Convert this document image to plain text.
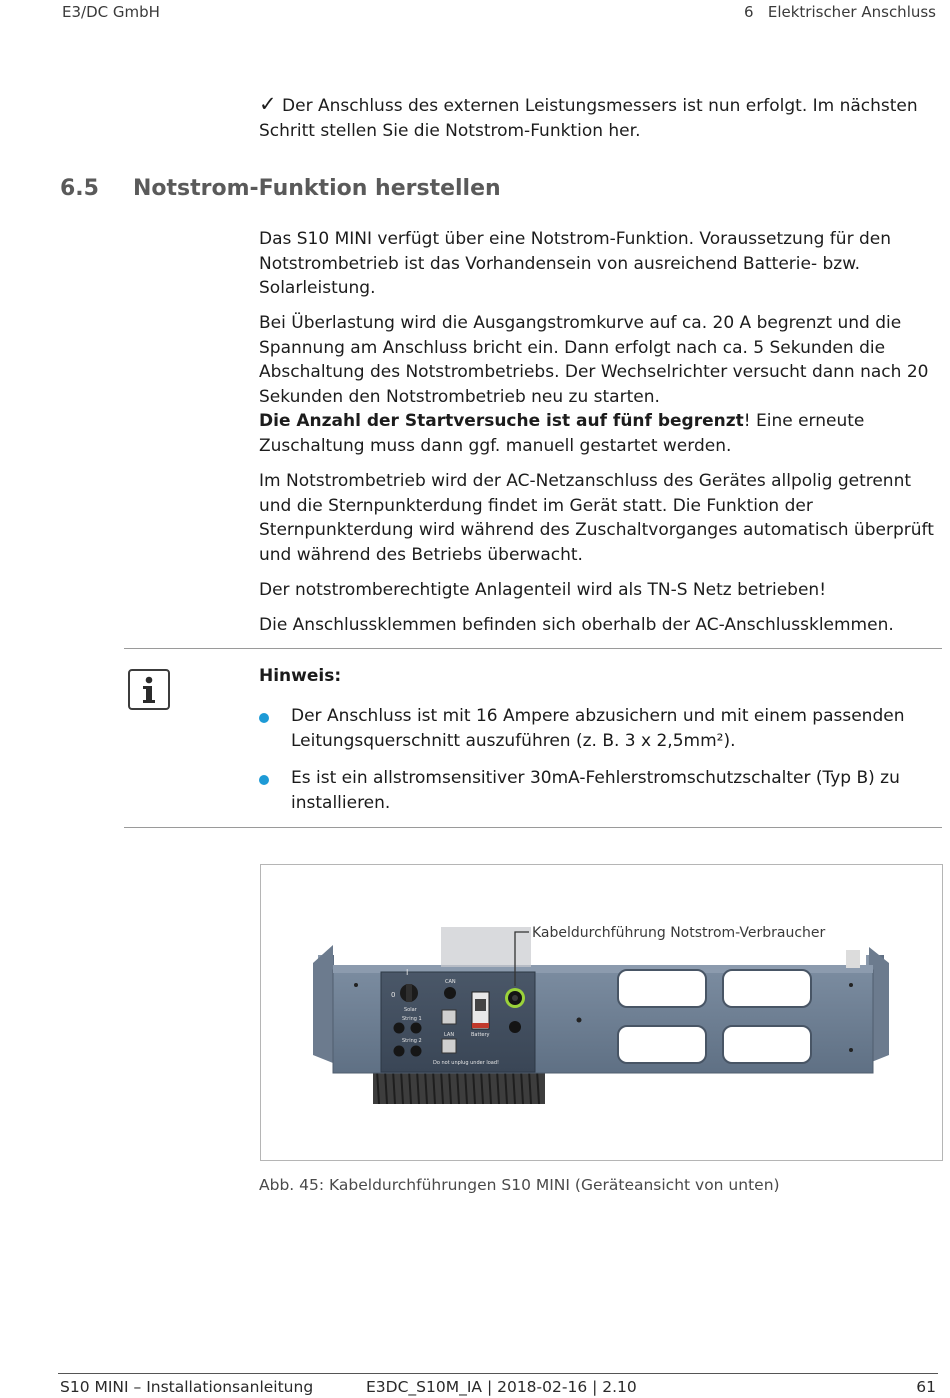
E3/DC GmbH	6   Elektrischer Anschluss

✓ Der Anschluss des externen Leistungsmessers ist nun erfolgt. Im nächsten Schritt stellen Sie die Notstrom-Funktion her.

6.5 Notstrom-Funktion herstellen
Das S10 MINI verfügt über eine Notstrom-Funktion. Voraussetzung für den Notstrombetrieb ist das Vorhandensein von ausreichend Batterie- bzw. Solarleistung.

Bei Überlastung wird die Ausgangstromkurve auf ca. 20 A begrenzt und die Spannung am Anschluss bricht ein. Dann erfolgt nach ca. 5 Sekunden die Abschaltung des Notstrombetriebs. Der Wechselrichter versucht dann nach 20 Sekunden den Notstrombetrieb neu zu starten.

Die Anzahl der Startversuche ist auf fünf begrenzt! Eine erneute Zuschaltung muss dann ggf. manuell gestartet werden.

Im Notstrombetrieb wird der AC-Netzanschluss des Gerätes allpolig getrennt und die Sternpunkterdung findet im Gerät statt. Die Funktion der Sternpunkterdung wird während des Zuschaltvorganges automatisch überprüft und während des Betriebs überwacht.
Der notstromberechtigte Anlagenteil wird als TN-S Netz betrieben!
Die Anschlussklemmen befinden sich oberhalb der AC-Anschlussklemmen.
Hinweis:
Der Anschluss ist mit 16 Ampere abzusichern und mit einem passenden Leitungsquerschnitt auszuführen (z. B. 3 x 2,5mm²).
Es ist ein allstromsensitiver 30mA-Fehlerstromschutzschalter (Typ B) zu installieren.
I
0
CAN
Solar
String 1
String 2
LAN	Battery
Do not unplug under load!
Kabeldurchführung Notstrom-Verbraucher
Abb. 45: Kabeldurchführungen S10 MINI (Geräteansicht von unten)
S10 MINI – Installationsanleitung	E3DC_S10M_IA | 2018-02-16 | 2.10	61
